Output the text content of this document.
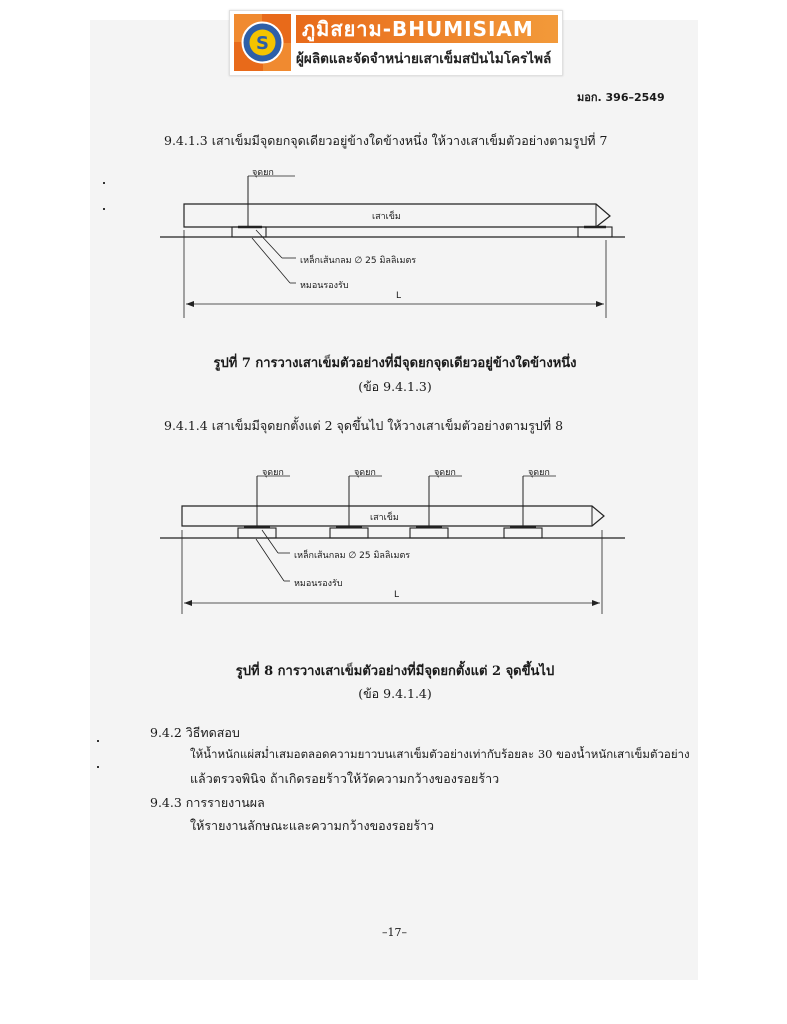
S
ภูมิสยาม-BHUMISIAM
ผู้ผลิตและจัดจำหน่ายเสาเข็มสปันไมโครไพล์
มอก. 396–2549
9.4.1.3 เสาเข็มมีจุดยกจุดเดียวอยู่ข้างใดข้างหนึ่ง ให้วางเสาเข็มตัวอย่างตามรูปที่ 7
จุดยก
เสาเข็ม
เหล็กเส้นกลม ∅ 25 มิลลิเมตร
หมอนรองรับ
L
รูปที่ 7 การวางเสาเข็มตัวอย่างที่มีจุดยกจุดเดียวอยู่ข้างใดข้างหนึ่ง
(ข้อ 9.4.1.3)
9.4.1.4 เสาเข็มมีจุดยกตั้งแต่ 2 จุดขึ้นไป ให้วางเสาเข็มตัวอย่างตามรูปที่ 8
จุดยก	จุดยก	จุดยก	จุดยก
เสาเข็ม
เหล็กเส้นกลม ∅ 25 มิลลิเมตร
หมอนรองรับ
L
รูปที่ 8 การวางเสาเข็มตัวอย่างที่มีจุดยกตั้งแต่ 2 จุดขึ้นไป
(ข้อ 9.4.1.4)
9.4.2 วิธีทดสอบ
ให้น้ำหนักแผ่สม่ำเสมอตลอดความยาวบนเสาเข็มตัวอย่างเท่ากับร้อยละ 30 ของน้ำหนักเสาเข็มตัวอย่าง
แล้วตรวจพินิจ ถ้าเกิดรอยร้าวให้วัดความกว้างของรอยร้าว
9.4.3 การรายงานผล
ให้รายงานลักษณะและความกว้างของรอยร้าว
–17–
